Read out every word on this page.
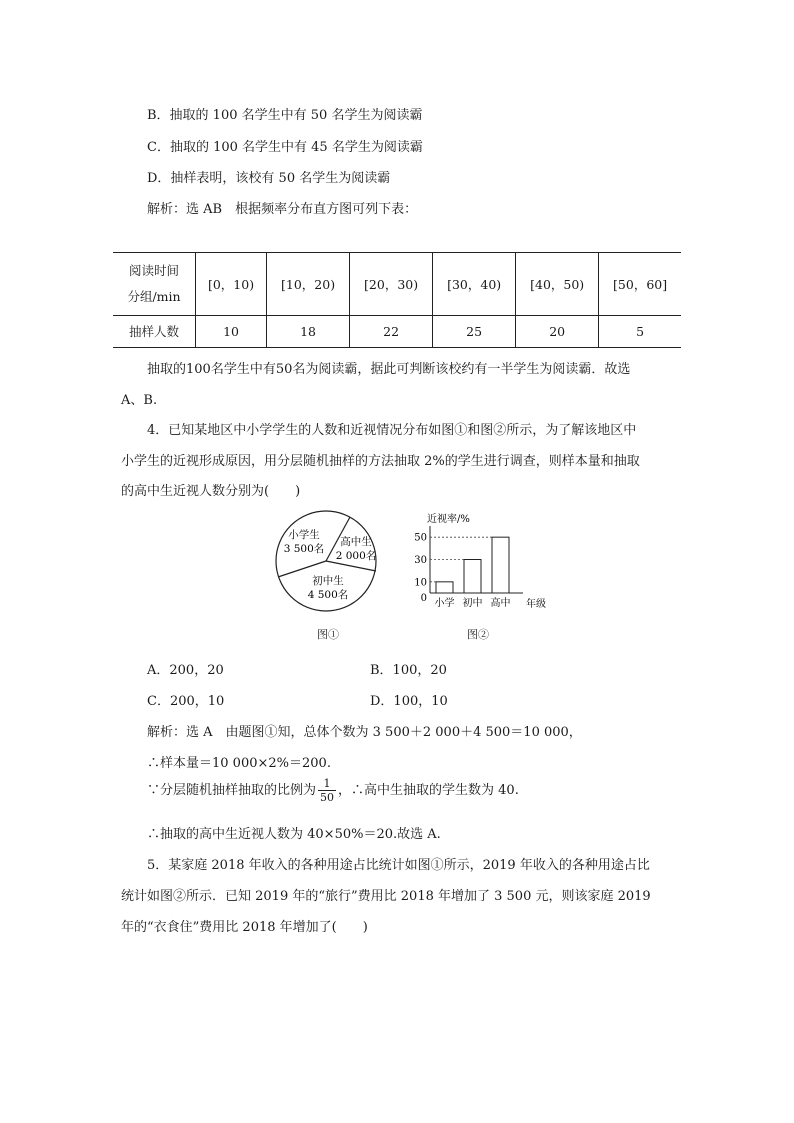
B．抽取的 100 名学生中有 50 名学生为阅读霸
C．抽取的 100 名学生中有 45 名学生为阅读霸
D．抽样表明，该校有 50 名学生为阅读霸
解析：选 AB　根据频率分布直方图可列下表：
阅读时间
分组/min	[0，10)	[10，20)	[20，30)	[30，40)	[40，50)	[50，60]
抽样人数	10	18	22	25	20	5
抽取的100名学生中有50名为阅读霸，据此可判断该校约有一半学生为阅读霸．故选
A、B.
4．已知某地区中小学学生的人数和近视情况分布如图①和图②所示，为了解该地区中
小学生的近视形成原因，用分层随机抽样的方法抽取 2%的学生进行调查，则样本量和抽取
的高中生近视人数分别为(　　)
小学生
3 500名
高中生
2 000名
初中生
4 500名
图①
近视率/%
年级
小学 初中 高中
0
10
30
50
图②
A．200，20	B．100，20
C．200，10	D．100，10
解析：选 A　由题图①知，总体个数为 3 500＋2 000＋4 500＝10 000，
∴样本量＝10 000×2%＝200.
∵分层随机抽样抽取的比例为 $\frac{1}{50}$ ，∴高中生抽取的学生数为 40.
∴抽取的高中生近视人数为 40×50%＝20.故选 A.
5．某家庭 2018 年收入的各种用途占比统计如图①所示，2019 年收入的各种用途占比
统计如图②所示．已知 2019 年的“旅行”费用比 2018 年增加了 3 500 元，则该家庭 2019
年的“衣食住”费用比 2018 年增加了(　　)
